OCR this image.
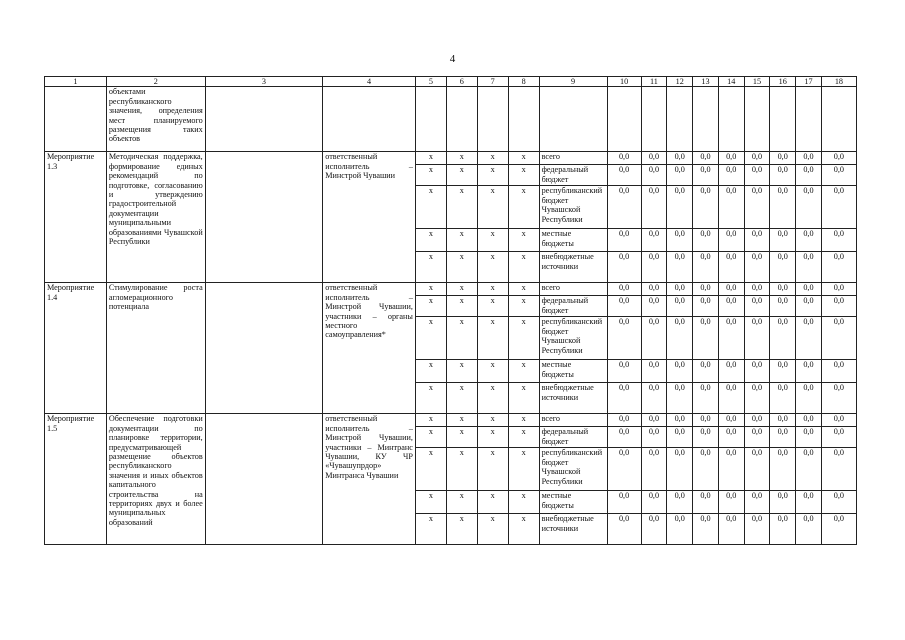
4
1	2	3	4	5	6	7	8	9	10	11	12	13	14	15	16	17	18
	объектами республиканского значения, определения мест планируемого размещения таких объектов																
Мероприятие 1.3	Методическая поддержка, формирование единых рекомендаций по подготовке, согласованию и утверждению градостроительной документации муниципальными образованиями Чувашской Республики		ответственный исполнитель – Минстрой Чувашии	x	x	x	x	всего	0,0	0,0	0,0	0,0	0,0	0,0	0,0	0,0	0,0
				x	x	x	x	федеральный бюджет	0,0	0,0	0,0	0,0	0,0	0,0	0,0	0,0	0,0
				x	x	x	x	республиканский бюджет Чувашской Республики	0,0	0,0	0,0	0,0	0,0	0,0	0,0	0,0	0,0
				x	x	x	x	местные бюджеты	0,0	0,0	0,0	0,0	0,0	0,0	0,0	0,0	0,0
				x	x	x	x	внебюджетные источники	0,0	0,0	0,0	0,0	0,0	0,0	0,0	0,0	0,0
Мероприятие 1.4	Стимулирование роста агломерационного потенциала		ответственный исполнитель – Минстрой Чувашии, участники – органы местного самоуправления*	x	x	x	x	всего	0,0	0,0	0,0	0,0	0,0	0,0	0,0	0,0	0,0
				x	x	x	x	федеральный бюджет	0,0	0,0	0,0	0,0	0,0	0,0	0,0	0,0	0,0
				x	x	x	x	республиканский бюджет Чувашской Республики	0,0	0,0	0,0	0,0	0,0	0,0	0,0	0,0	0,0
				x	x	x	x	местные бюджеты	0,0	0,0	0,0	0,0	0,0	0,0	0,0	0,0	0,0
				x	x	x	x	внебюджетные источники	0,0	0,0	0,0	0,0	0,0	0,0	0,0	0,0	0,0
Мероприятие 1.5	Обеспечение подготовки документации по планировке территории, предусматривающей размещение объектов республиканского значения и иных объектов капитального строительства на территориях двух и более муниципальных образований		ответственный исполнитель – Минстрой Чувашии, участники – Минтранс Чувашии, КУ ЧР «Чувашупрдор» Минтранса Чувашии	x	x	x	x	всего	0,0	0,0	0,0	0,0	0,0	0,0	0,0	0,0	0,0
				x	x	x	x	федеральный бюджет	0,0	0,0	0,0	0,0	0,0	0,0	0,0	0,0	0,0
				x	x	x	x	республиканский бюджет Чувашской Республики	0,0	0,0	0,0	0,0	0,0	0,0	0,0	0,0	0,0
				x	x	x	x	местные бюджеты	0,0	0,0	0,0	0,0	0,0	0,0	0,0	0,0	0,0
				x	x	x	x	внебюджетные источники	0,0	0,0	0,0	0,0	0,0	0,0	0,0	0,0	0,0
